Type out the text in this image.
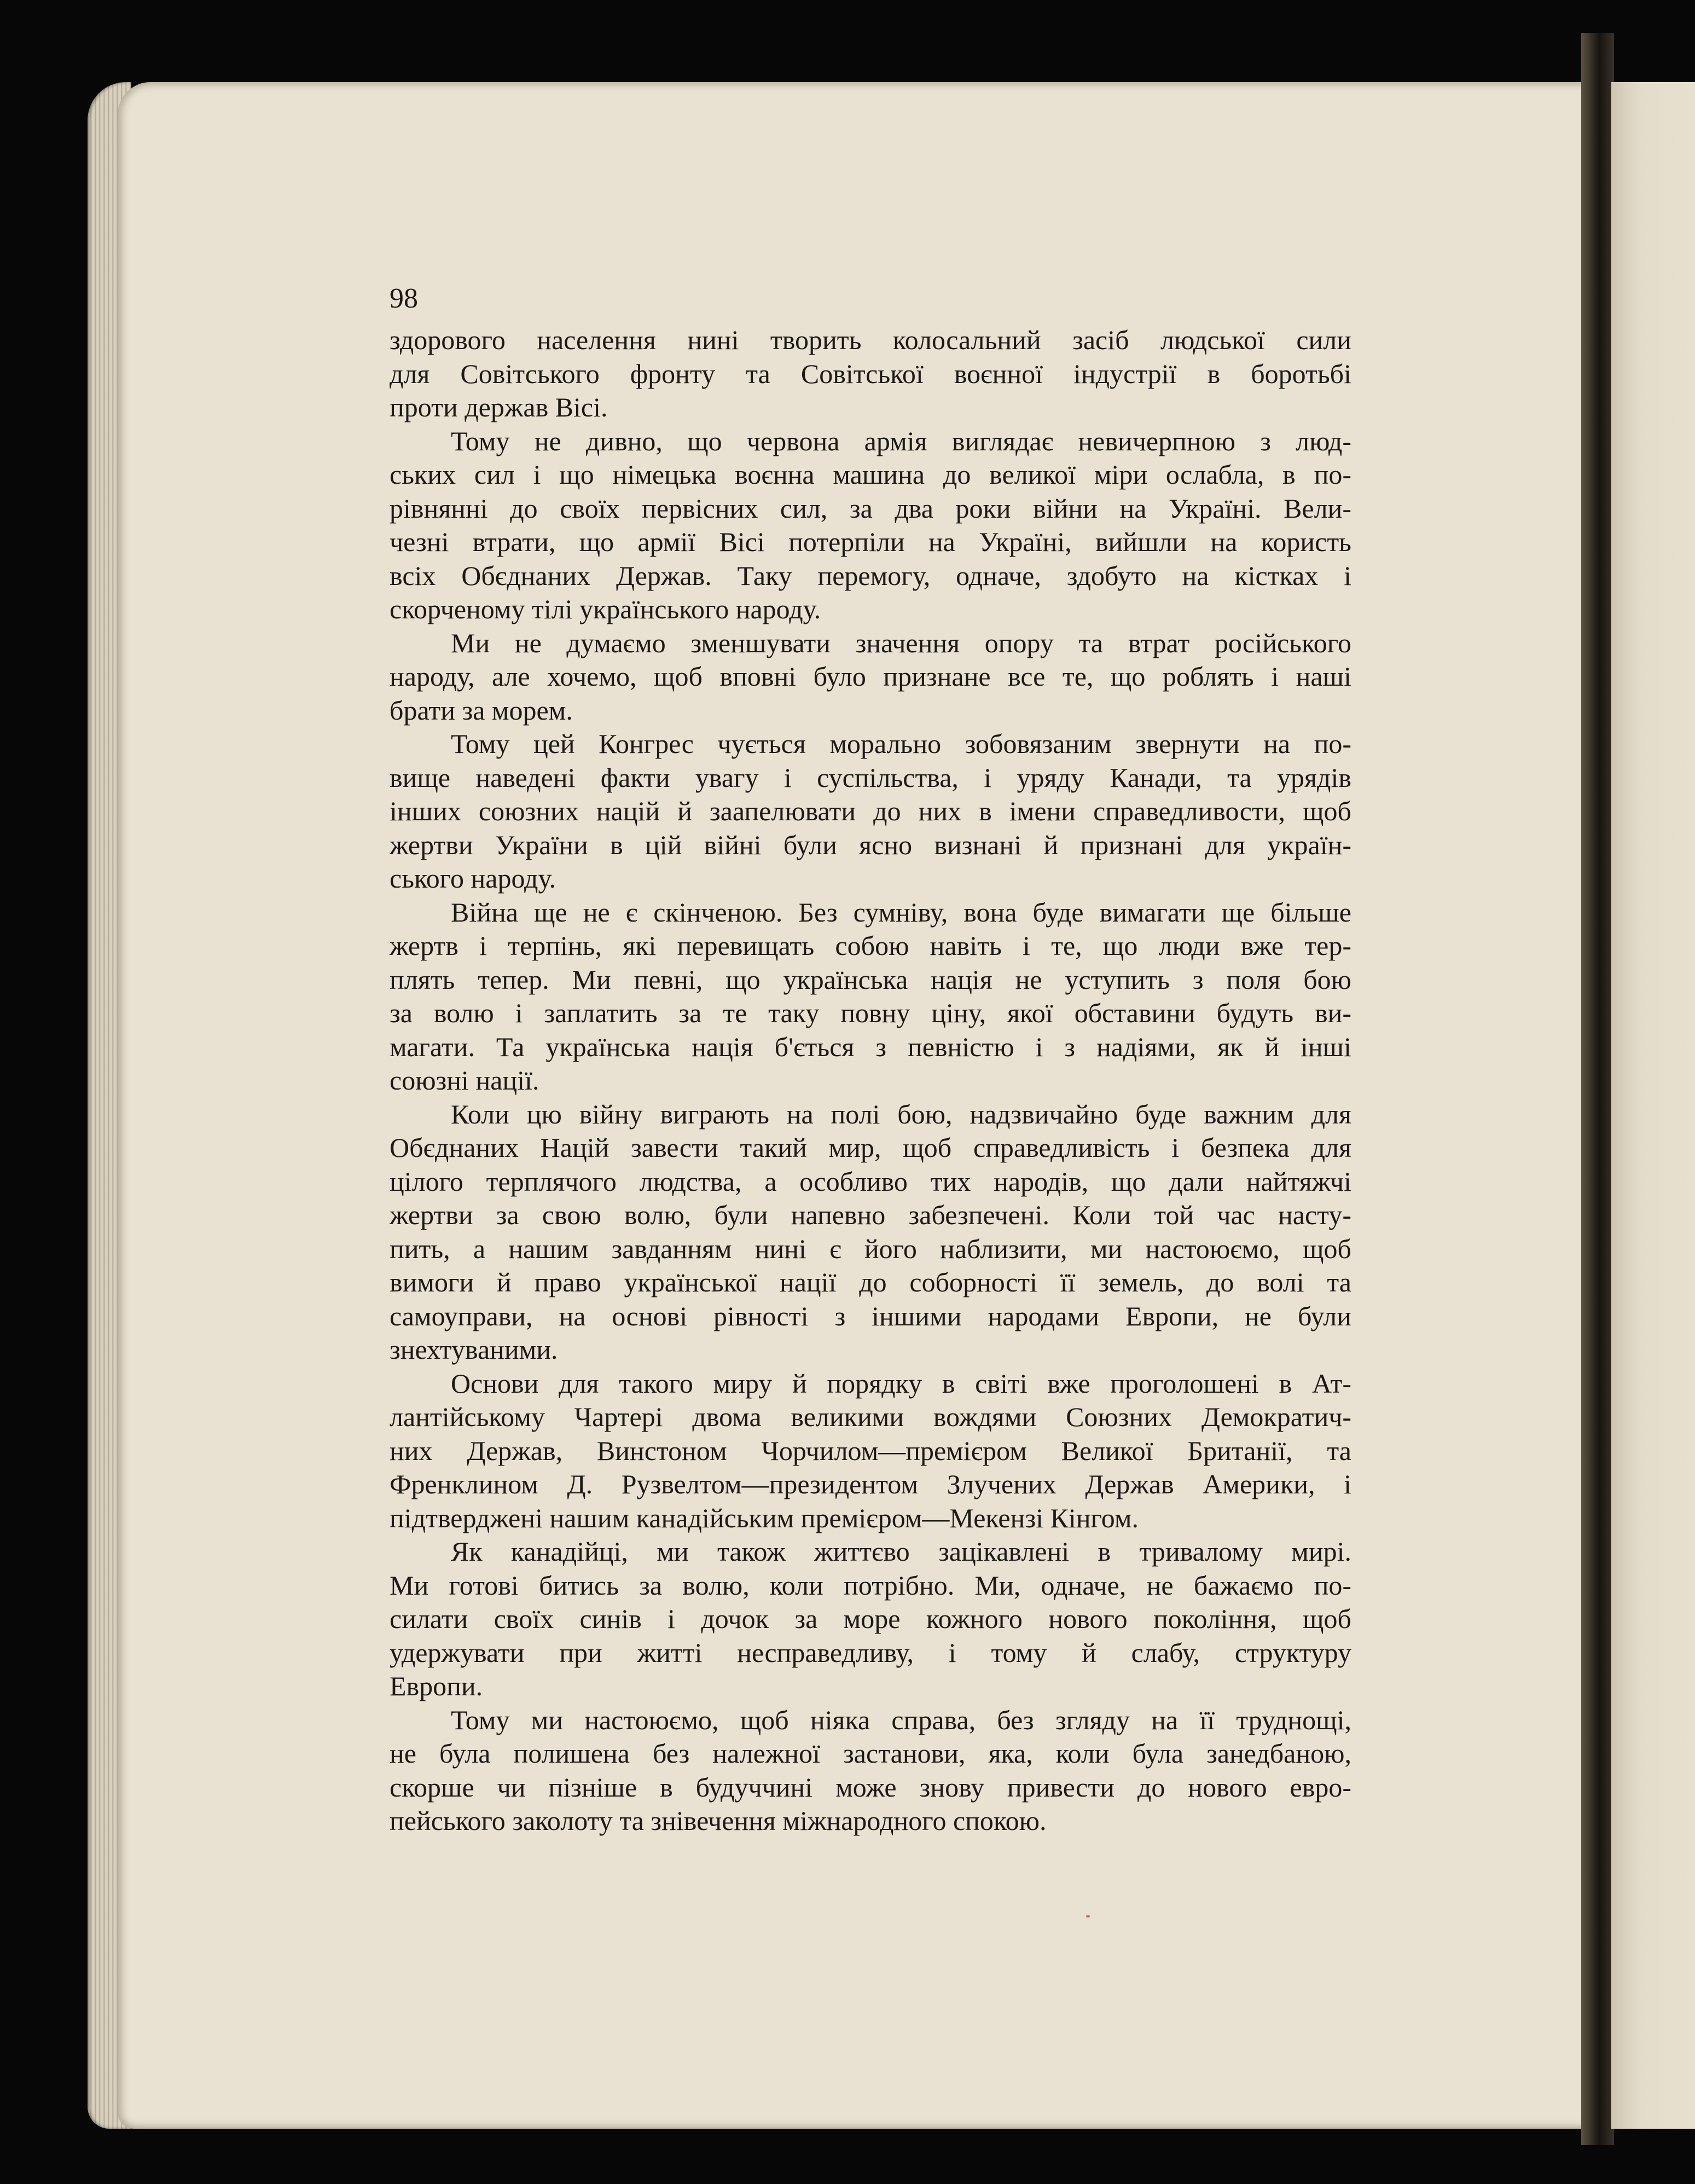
98
здорового населення нині творить колосальний засіб людської сили
для Совітського фронту та Совітської воєнної індустрії в боротьбі
проти держав Вісі.
Тому не дивно, що червона армія виглядає невичерпною з люд-
ських сил і що німецька воєнна машина до великої міри ослабла, в по-
рівнянні до своїх первісних сил, за два роки війни на Україні. Вели-
чезні втрати, що армії Вісі потерпіли на Україні, вийшли на користь
всіх Обєднаних Держав. Таку перемогу, одначе, здобуто на кістках і
скорченому тілі українського народу.
Ми не думаємо зменшувати значення опору та втрат російського
народу, але хочемо, щоб вповні було признане все те, що роблять і наші
брати за морем.
Тому цей Конгрес чується морально зобовязаним звернути на по-
вище наведені факти увагу і суспільства, і уряду Канади, та урядів
інших союзних націй й заапелювати до них в імени справедливости, щоб
жертви України в цій війні були ясно визнані й признані для україн-
ського народу.
Війна ще не є скінченою. Без сумніву, вона буде вимагати ще більше
жертв і терпінь, які перевищать собою навіть і те, що люди вже тер-
плять тепер. Ми певні, що українська нація не уступить з поля бою
за волю і заплатить за те таку повну ціну, якої обставини будуть ви-
магати. Та українська нація б'ється з певністю і з надіями, як й інші
союзні нації.
Коли цю війну виграють на полі бою, надзвичайно буде важним для
Обєднаних Націй завести такий мир, щоб справедливість і безпека для
цілого терплячого людства, а особливо тих народів, що дали найтяжчі
жертви за свою волю, були напевно забезпечені. Коли той час насту-
пить, а нашим завданням нині є його наблизити, ми настоюємо, щоб
вимоги й право української нації до соборності її земель, до волі та
самоуправи, на основі рівності з іншими народами Европи, не були
знехтуваними.
Основи для такого миру й порядку в світі вже проголошені в Ат-
лантійському Чартері двома великими вождями Союзних Демократич-
них Держав, Винстоном Чорчилом—премієром Великої Британії, та
Френклином Д. Рузвелтом—президентом Злучених Держав Америки, і
підтверджені нашим канадійським премієром—Мекензі Кінгом.
Як канадійці, ми також життєво зацікавлені в тривалому мирі.
Ми готові битись за волю, коли потрібно. Ми, одначе, не бажаємо по-
силати своїх синів і дочок за море кожного нового покоління, щоб
удержувати при житті несправедливу, і тому й слабу, структуру
Европи.
Тому ми настоюємо, щоб ніяка справа, без згляду на її труднощі,
не була полишена без належної застанови, яка, коли була занедбаною,
скорше чи пізніше в будуччині може знову привести до нового евро-
пейського заколоту та знівечення міжнародного спокою.
